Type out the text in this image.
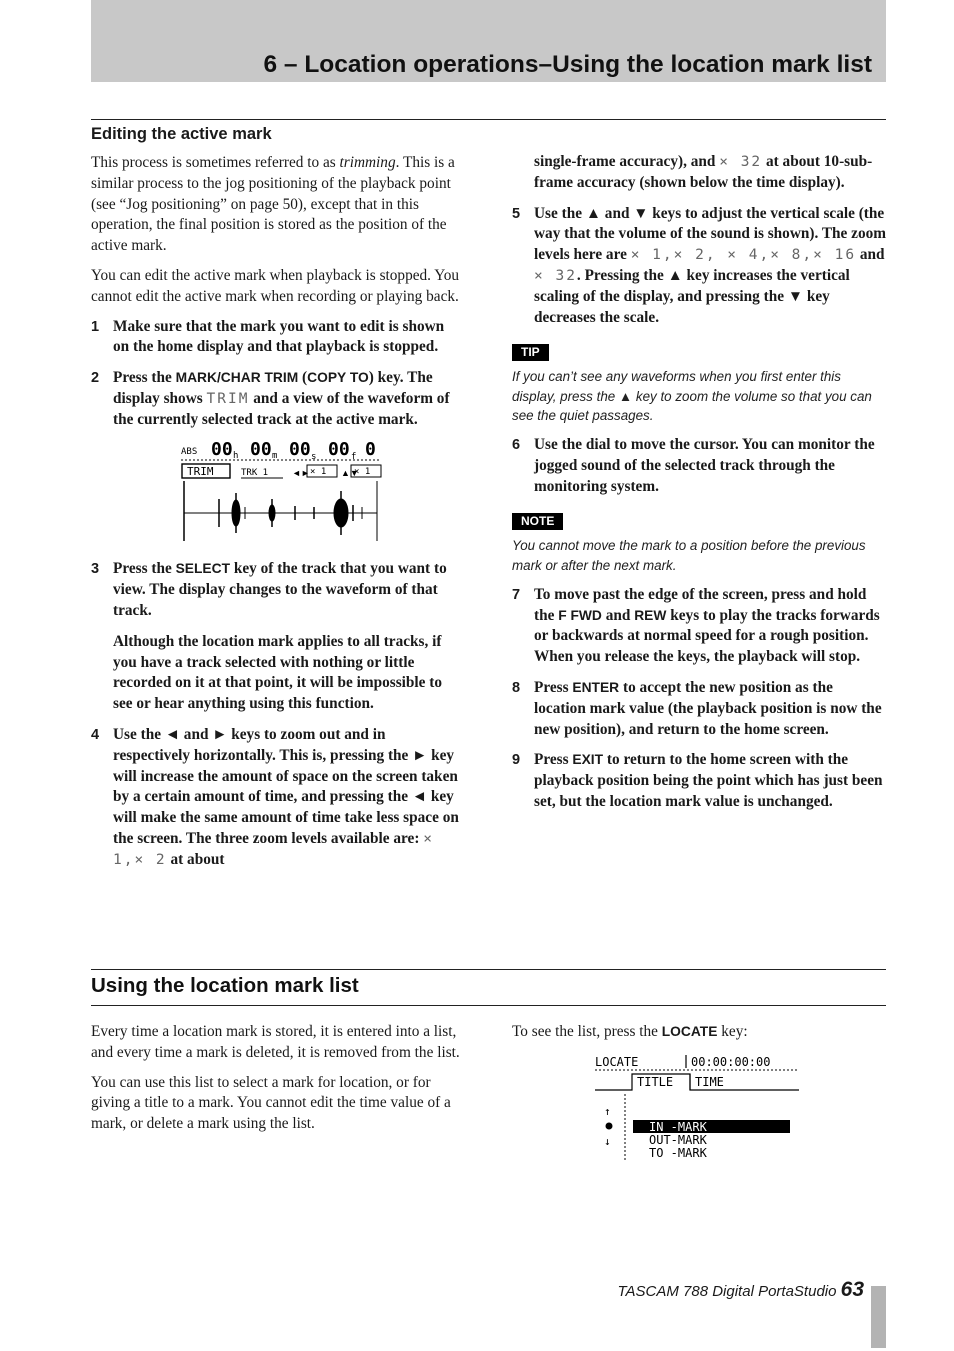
6 – Location operations–Using the location mark list
Editing the active mark

This process is sometimes referred to as trimming. This is a similar process to the jog positioning of the playback point (see “Jog positioning” on page 50), except that in this operation, the final position is stored as the position of the active mark.

You can edit the active mark when playback is stopped. You cannot edit the active mark when recording or playing back.

1 Make sure that the mark you want to edit is shown on the home display and that playback is stopped.
2 Press the MARK/CHAR TRIM (COPY TO) key. The display shows TRIM and a view of the waveform of the currently selected track at the active mark.
ABS 00 h 00 m 00 s 00 f 0
TRIM	TRK 1	◄► × 1 ▲▼
× 1
3 Press the SELECT key of the track that you want to view. The display changes to the waveform of that track.
Although the location mark applies to all tracks, if you have a track selected with nothing or little recorded on it at that point, it will be impossible to see or hear anything using this function.
4 Use the ◄ and ► keys to zoom out and in respectively horizontally. This is, pressing the ► key will increase the amount of space on the screen taken by a certain amount of time, and pressing the ◄ key will make the same amount of time take less space on the screen. The three zoom levels available are: × 1,× 2 at about
single-frame accuracy), and × 32 at about 10-sub-frame accuracy (shown below the time display).
5 Use the ▲ and ▼ keys to adjust the vertical scale (the way that the volume of the sound is shown). The zoom levels here are × 1,× 2, × 4,× 8,× 16 and × 32. Pressing the ▲ key increases the vertical scaling of the display, and pressing the ▼ key decreases the scale.
TIP
If you can’t see any waveforms when you first enter this display, press the ▲ key to zoom the volume so that you can see the quiet passages.
6 Use the dial to move the cursor. You can monitor the jogged sound of the selected track through the monitoring system.
NOTE
You cannot move the mark to a position before the previous mark or after the next mark.
7 To move past the edge of the screen, press and hold the F FWD and REW keys to play the tracks forwards or backwards at normal speed for a rough position. When you release the keys, the playback will stop.
8 Press ENTER to accept the new position as the location mark value (the playback position is now the new position), and return to the home screen.
9 Press EXIT to return to the home screen with the playback position being the point which has just been set, but the location mark value is unchanged.
Using the location mark list

Every time a location mark is stored, it is entered into a list, and every time a mark is deleted, it is removed from the list.

You can use this list to select a mark for location, or for giving a title to a mark. You cannot edit the time value of a mark, or delete a mark using the list.

To see the list, press the LOCATE key:

LOCATE	00:00:00:00
TITLE TIME
↑
↓
IN -MARK
OUT-MARK
TO -MARK
TASCAM 788 Digital PortaStudio 63
